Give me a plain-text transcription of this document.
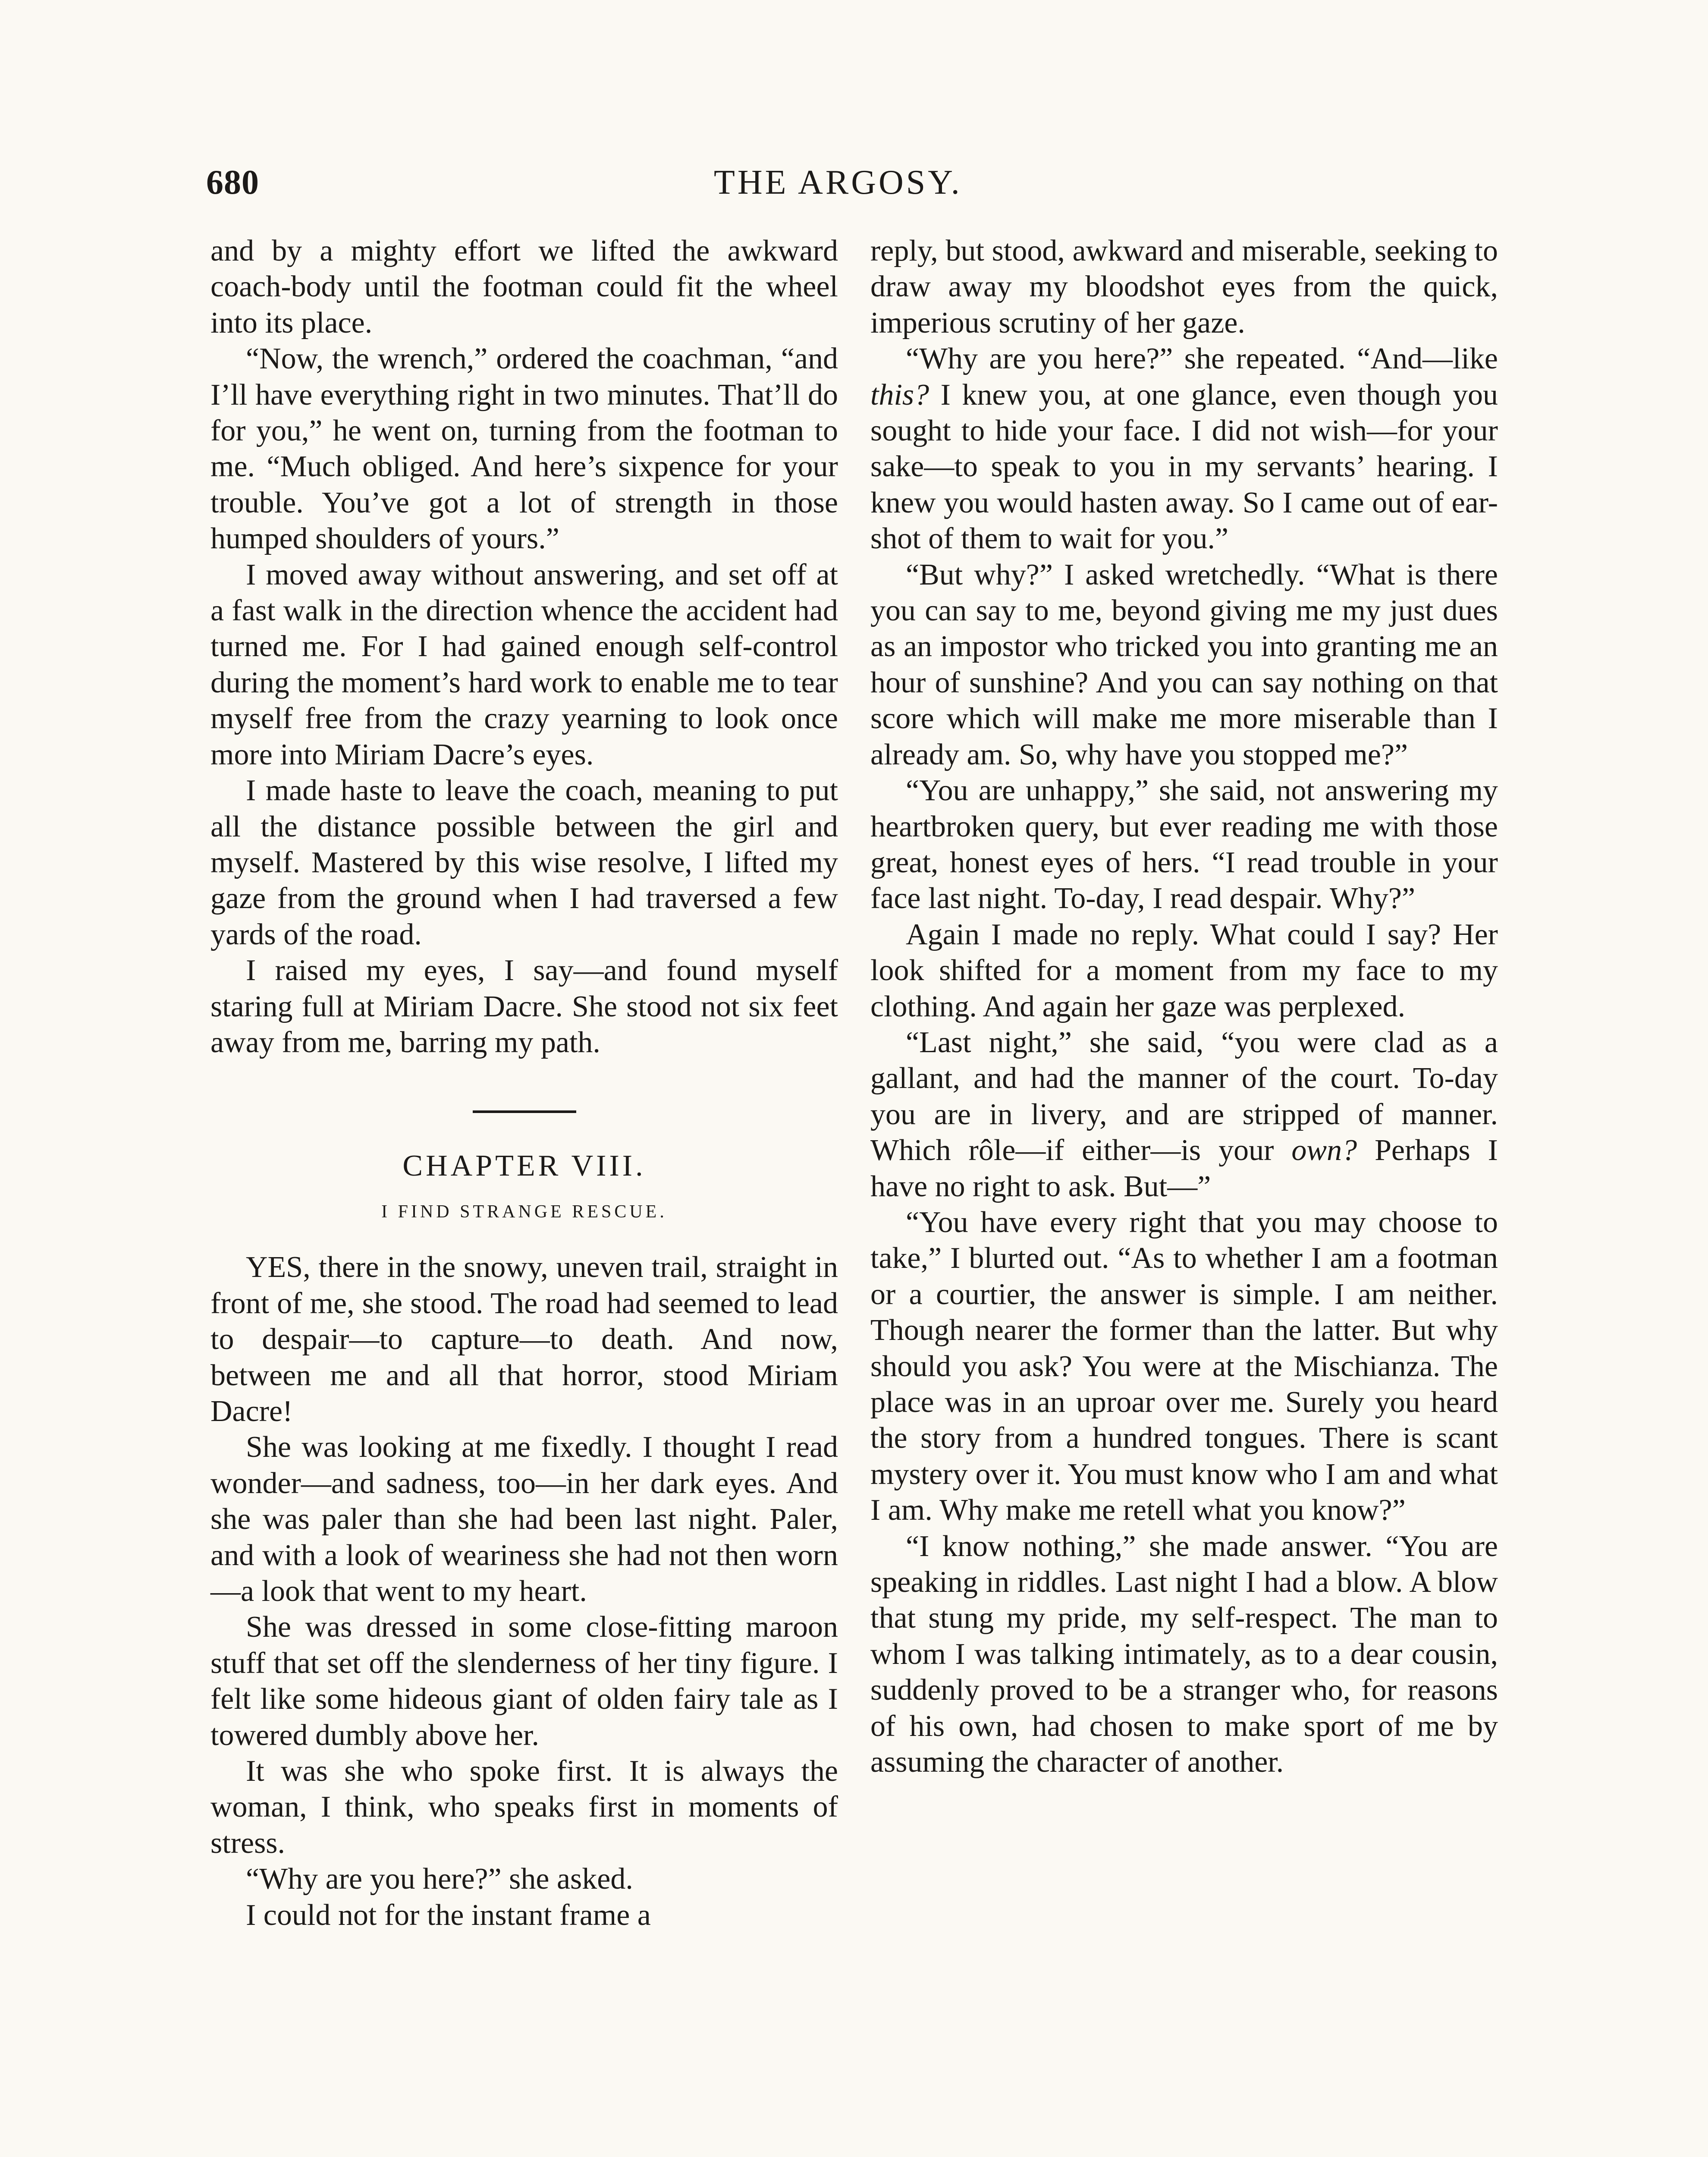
680	THE ARGOSY.

and by a mighty effort we lifted the awkward coach-body until the footman could fit the wheel into its place.

“Now, the wrench,” ordered the coachman, “and I’ll have everything right in two minutes. That’ll do for you,” he went on, turning from the footman to me. “Much obliged. And here’s sixpence for your trouble. You’ve got a lot of strength in those humped shoulders of yours.”

I moved away without answering, and set off at a fast walk in the direction whence the accident had turned me. For I had gained enough self-control during the moment’s hard work to enable me to tear myself free from the crazy yearning to look once more into Miriam Dacre’s eyes.

I made haste to leave the coach, meaning to put all the distance possible between the girl and myself. Mastered by this wise resolve, I lifted my gaze from the ground when I had traversed a few yards of the road.

I raised my eyes, I say—and found myself staring full at Miriam Dacre. She stood not six feet away from me, barring my path.

CHAPTER VIII.
I FIND STRANGE RESCUE.

YES, there in the snowy, uneven trail, straight in front of me, she stood. The road had seemed to lead to despair—to capture—to death. And now, between me and all that horror, stood Miriam Dacre!

She was looking at me fixedly. I thought I read wonder—and sadness, too—in her dark eyes. And she was paler than she had been last night. Paler, and with a look of weariness she had not then worn—a look that went to my heart.

She was dressed in some close-fitting maroon stuff that set off the slenderness of her tiny figure. I felt like some hideous giant of olden fairy tale as I towered dumbly above her.

It was she who spoke first. It is always the woman, I think, who speaks first in moments of stress.

“Why are you here?” she asked.

I could not for the instant frame a

reply, but stood, awkward and miserable, seeking to draw away my bloodshot eyes from the quick, imperious scrutiny of her gaze.

“Why are you here?” she repeated. “And—like this? I knew you, at one glance, even though you sought to hide your face. I did not wish—for your sake—to speak to you in my servants’ hearing. I knew you would hasten away. So I came out of ear-shot of them to wait for you.”

“But why?” I asked wretchedly. “What is there you can say to me, beyond giving me my just dues as an impostor who tricked you into granting me an hour of sunshine? And you can say nothing on that score which will make me more miserable than I already am. So, why have you stopped me?”

“You are unhappy,” she said, not answering my heartbroken query, but ever reading me with those great, honest eyes of hers. “I read trouble in your face last night. To-day, I read despair. Why?”

Again I made no reply. What could I say? Her look shifted for a moment from my face to my clothing. And again her gaze was perplexed.

“Last night,” she said, “you were clad as a gallant, and had the manner of the court. To-day you are in livery, and are stripped of manner. Which rôle—if either—is your own? Perhaps I have no right to ask. But—”

“You have every right that you may choose to take,” I blurted out. “As to whether I am a footman or a courtier, the answer is simple. I am neither. Though nearer the former than the latter. But why should you ask? You were at the Mischianza. The place was in an uproar over me. Surely you heard the story from a hundred tongues. There is scant mystery over it. You must know who I am and what I am. Why make me retell what you know?”

“I know nothing,” she made answer. “You are speaking in riddles. Last night I had a blow. A blow that stung my pride, my self-respect. The man to whom I was talking intimately, as to a dear cousin, suddenly proved to be a stranger who, for reasons of his own, had chosen to make sport of me by assuming the character of another.
